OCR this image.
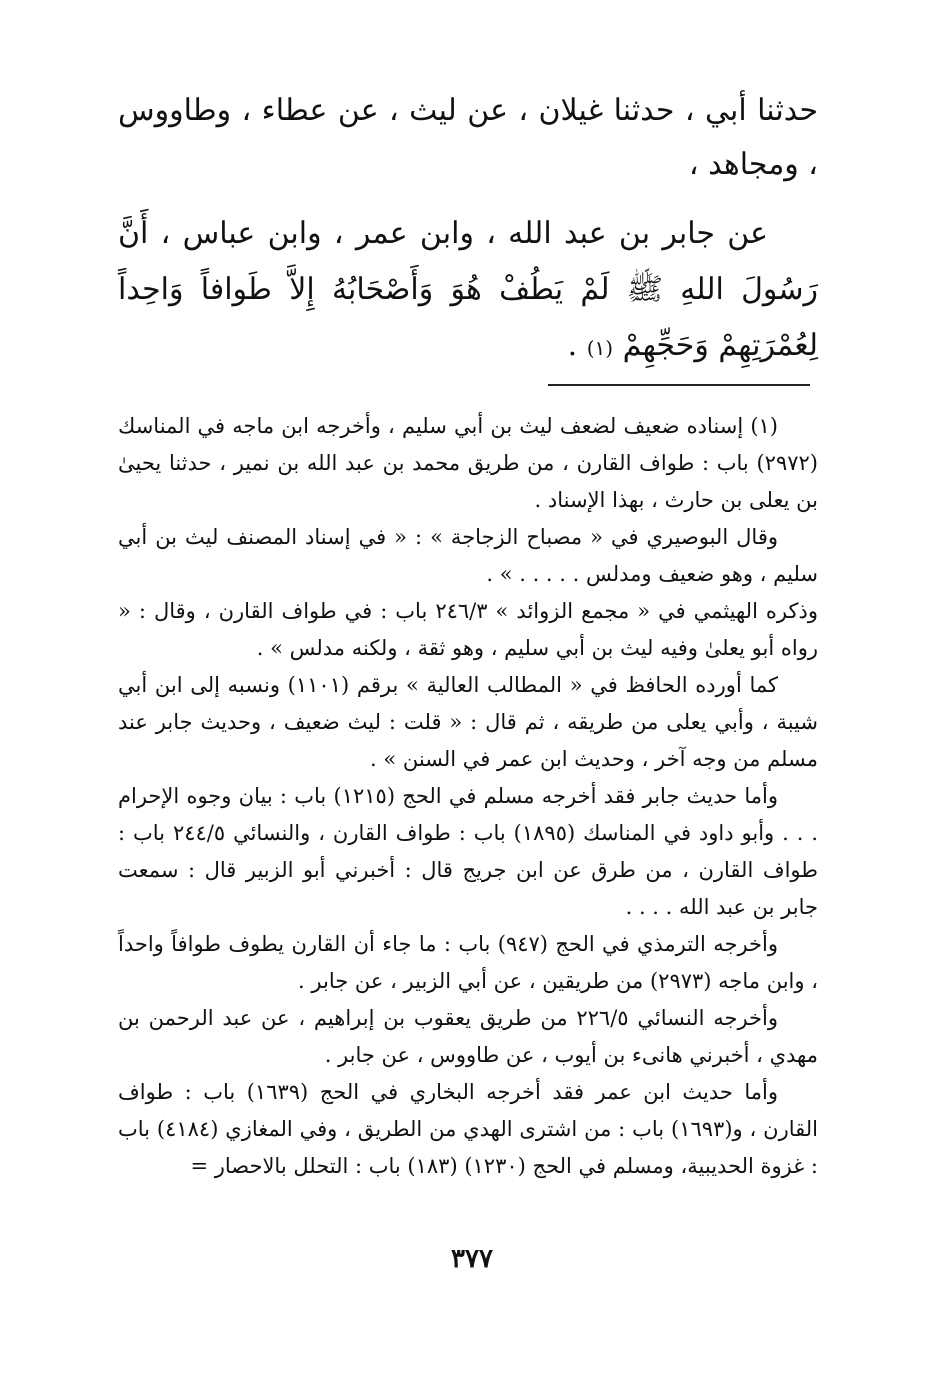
حدثنا أبي ، حدثنا غيلان ، عن ليث ، عن عطاء ، وطاووس ، ومجاهد ،

عن جابر بن عبد الله ، وابن عمر ، وابن عباس ، أَنَّ رَسُولَ اللهِ ﷺ لَمْ يَطُفْ هُوَ وَأَصْحَابُهُ إِلاَّ طَوافاً وَاحِداً لِعُمْرَتِهِمْ وَحَجِّهِمْ (١) .

(١) إسناده ضعيف لضعف ليث بن أبي سليم ، وأخرجه ابن ماجه في المناسك (٢٩٧٢) باب : طواف القارن ، من طريق محمد بن عبد الله بن نمير ، حدثنا يحيىٰ بن يعلى بن حارث ، بهذا الإسناد .

وقال البوصيري في « مصباح الزجاجة » : « في إسناد المصنف ليث بن أبي سليم ، وهو ضعيف ومدلس . . . . . » .

وذكره الهيثمي في « مجمع الزوائد » ٢٤٦/٣ باب : في طواف القارن ، وقال : « رواه أبو يعلىٰ وفيه ليث بن أبي سليم ، وهو ثقة ، ولكنه مدلس » .

كما أورده الحافظ في « المطالب العالية » برقم (١١٠١) ونسبه إلى ابن أبي شيبة ، وأبي يعلى من طريقه ، ثم قال : « قلت : ليث ضعيف ، وحديث جابر عند مسلم من وجه آخر ، وحديث ابن عمر في السنن » .

وأما حديث جابر فقد أخرجه مسلم في الحج (١٢١٥) باب : بيان وجوه الإحرام . . . وأبو داود في المناسك (١٨٩٥) باب : طواف القارن ، والنسائي ٢٤٤/٥ باب : طواف القارن ، من طرق عن ابن جريج قال : أخبرني أبو الزبير قال : سمعت جابر بن عبد الله . . . .

وأخرجه الترمذي في الحج (٩٤٧) باب : ما جاء أن القارن يطوف طوافاً واحداً ، وابن ماجه (٢٩٧٣) من طريقين ، عن أبي الزبير ، عن جابر .

وأخرجه النسائي ٢٢٦/٥ من طريق يعقوب بن إبراهيم ، عن عبد الرحمن بن مهدي ، أخبرني هانىء بن أيوب ، عن طاووس ، عن جابر .

وأما حديث ابن عمر فقد أخرجه البخاري في الحج (١٦٣٩) باب : طواف القارن ، و(١٦٩٣) باب : من اشترى الهدي من الطريق ، وفي المغازي (٤١٨٤) باب : غزوة الحديبية، ومسلم في الحج (١٢٣٠) (١٨٣) باب : التحلل بالاحصار =

٣٧٧
